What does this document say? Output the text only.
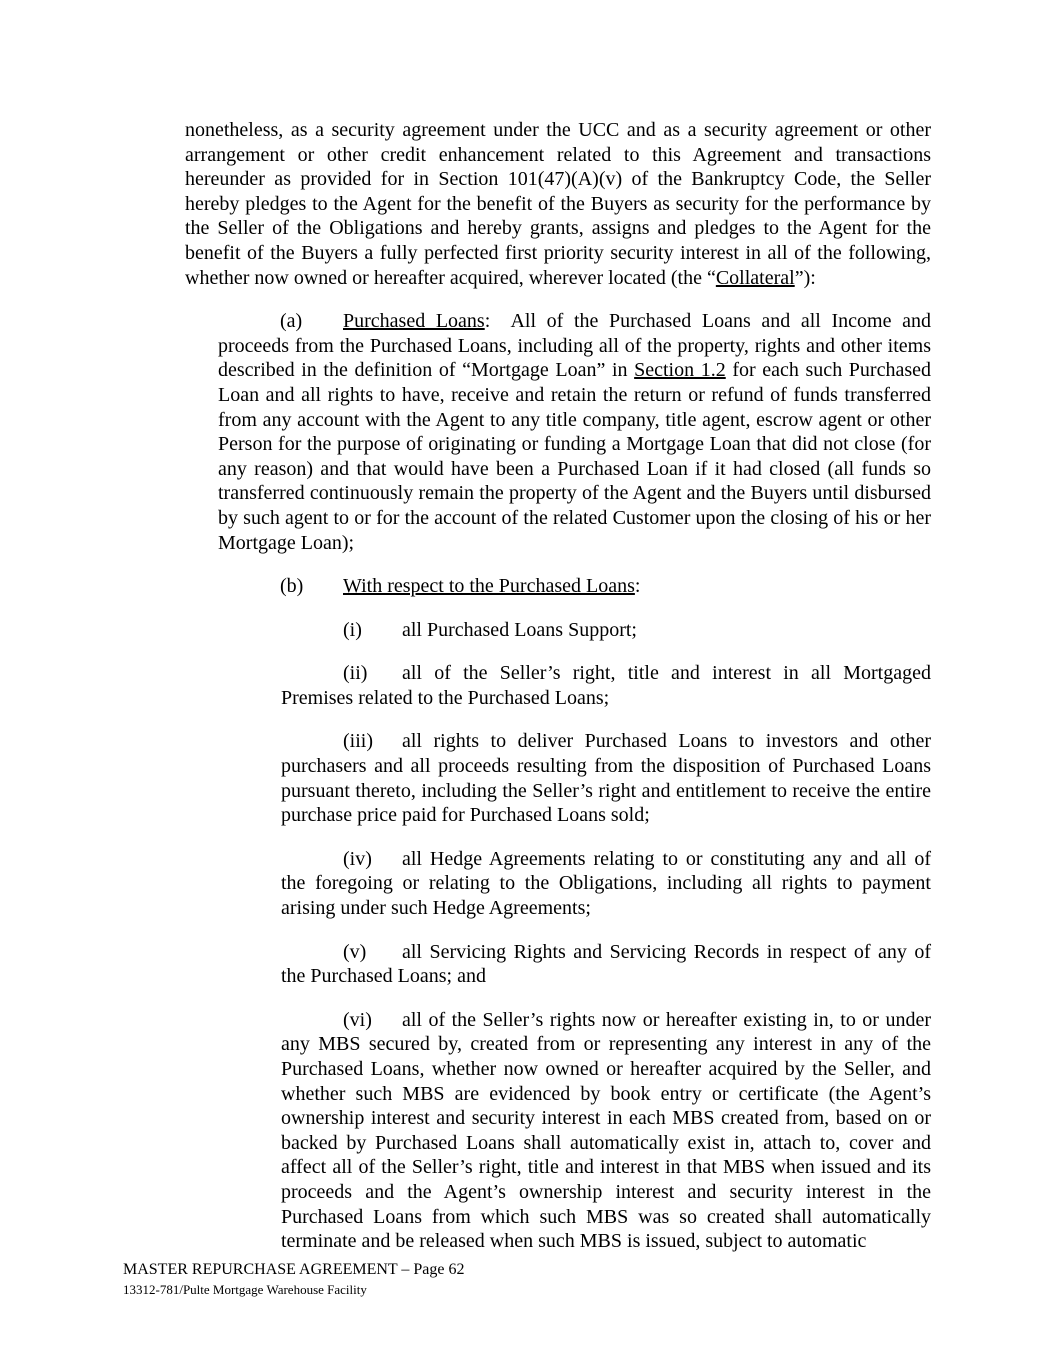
nonetheless, as a security agreement under the UCC and as a security agreement or other arrangement or other credit enhancement related to this Agreement and transactions hereunder as provided for in Section 101(47)(A)(v) of the Bankruptcy Code, the Seller hereby pledges to the Agent for the benefit of the Buyers as security for the performance by the Seller of the Obligations and hereby grants, assigns and pledges to the Agent for the benefit of the Buyers a fully perfected first priority security interest in all of the following, whether now owned or hereafter acquired, wherever located (the “Collateral”):
(a) Purchased Loans:  All of the Purchased Loans and all Income and proceeds from the Purchased Loans, including all of the property, rights and other items described in the definition of “Mortgage Loan” in Section 1.2 for each such Purchased Loan and all rights to have, receive and retain the return or refund of funds transferred from any account with the Agent to any title company, title agent, escrow agent or other Person for the purpose of originating or funding a Mortgage Loan that did not close (for any reason) and that would have been a Purchased Loan if it had closed (all funds so transferred continuously remain the property of the Agent and the Buyers until disbursed by such agent to or for the account of the related Customer upon the closing of his or her Mortgage Loan);
(b) With respect to the Purchased Loans:
(i) all Purchased Loans Support;
(ii) all of the Seller’s right, title and interest in all Mortgaged Premises related to the Purchased Loans;
(iii) all rights to deliver Purchased Loans to investors and other purchasers and all proceeds resulting from the disposition of Purchased Loans pursuant thereto, including the Seller’s right and entitlement to receive the entire purchase price paid for Purchased Loans sold;
(iv) all Hedge Agreements relating to or constituting any and all of the foregoing or relating to the Obligations, including all rights to payment arising under such Hedge Agreements;
(v) all Servicing Rights and Servicing Records in respect of any of the Purchased Loans; and
(vi) all of the Seller’s rights now or hereafter existing in, to or under any MBS secured by, created from or representing any interest in any of the Purchased Loans, whether now owned or hereafter acquired by the Seller, and whether such MBS are evidenced by book entry or certificate (the Agent’s ownership interest and security interest in each MBS created from, based on or backed by Purchased Loans shall automatically exist in, attach to, cover and affect all of the Seller’s right, title and interest in that MBS when issued and its proceeds and the Agent’s ownership interest and security interest in the Purchased Loans from which such MBS was so created shall automatically terminate and be released when such MBS is issued, subject to automatic
MASTER REPURCHASE AGREEMENT – Page 62
13312-781/Pulte Mortgage Warehouse Facility
